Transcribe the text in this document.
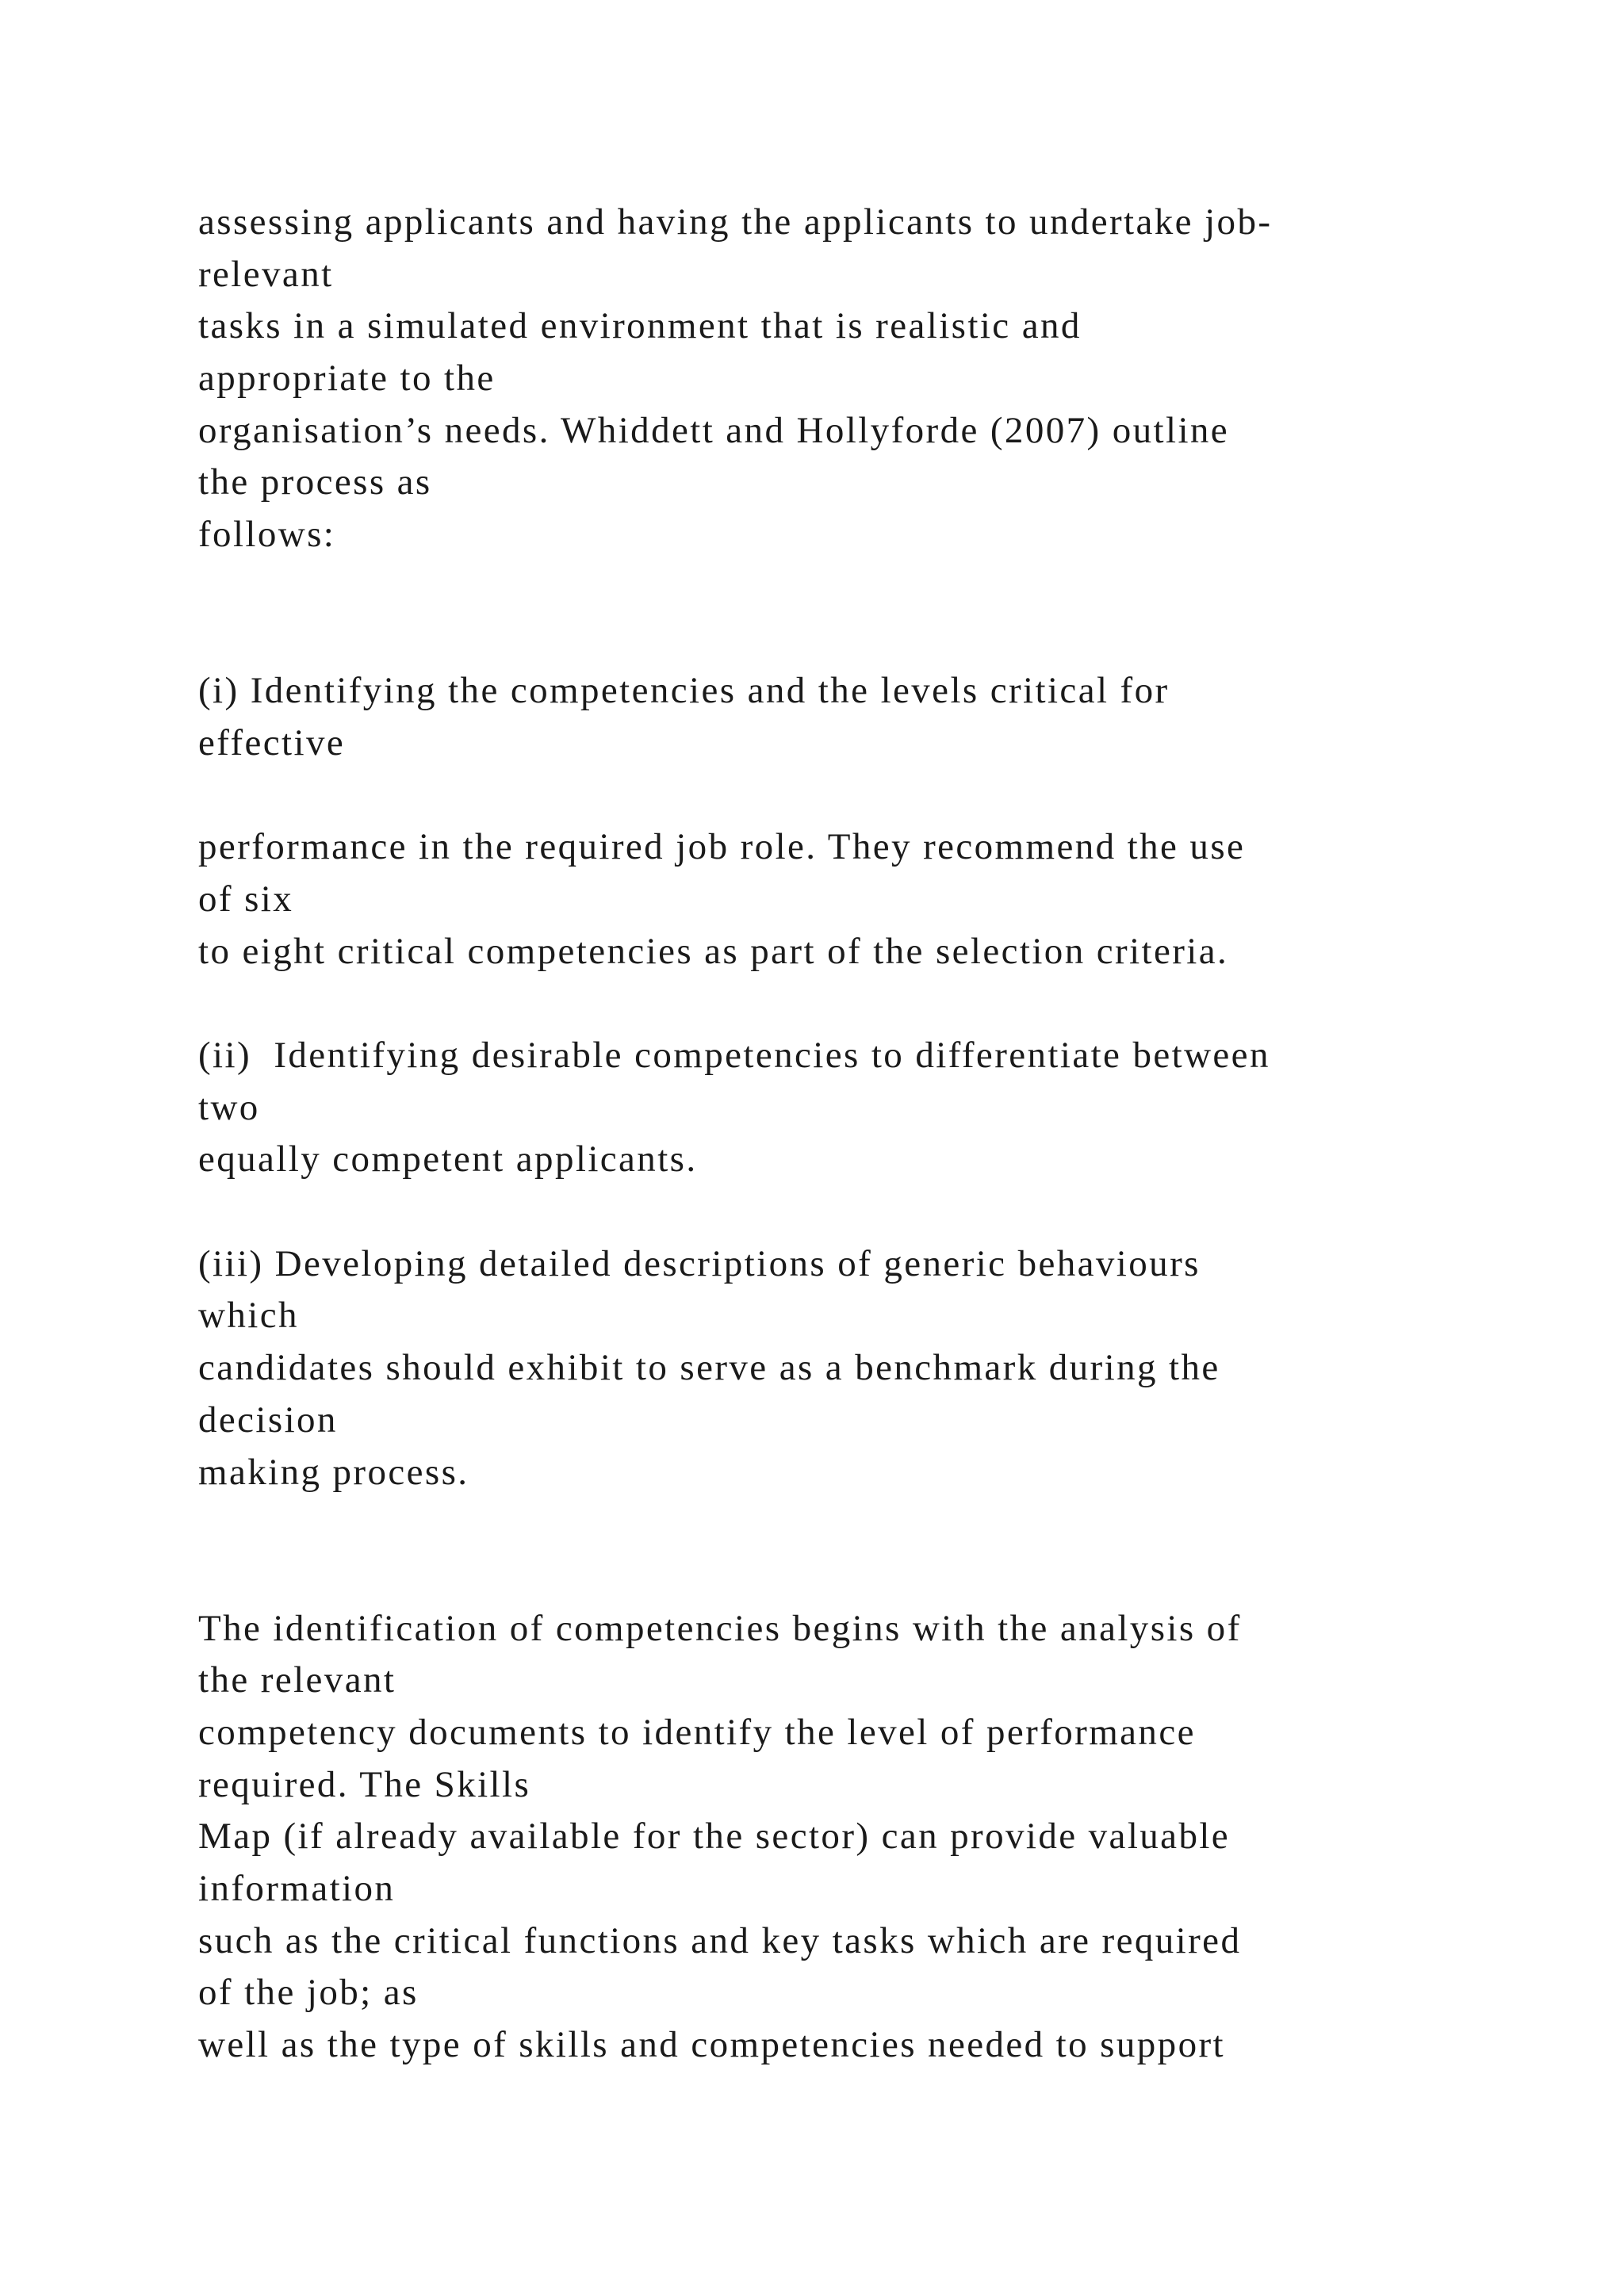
assessing applicants and having the applicants to undertake job-
relevant
tasks in a simulated environment that is realistic and
appropriate to the
organisation’s needs. Whiddett and Hollyforde (2007) outline
the process as
follows:
(i) Identifying the competencies and the levels critical for
effective
performance in the required job role. They recommend the use
of six
to eight critical competencies as part of the selection criteria.
(ii)  Identifying desirable competencies to differentiate between
two
equally competent applicants.
(iii) Developing detailed descriptions of generic behaviours
which
candidates should exhibit to serve as a benchmark during the
decision
making process.
The identification of competencies begins with the analysis of
the relevant
competency documents to identify the level of performance
required. The Skills
Map (if already available for the sector) can provide valuable
information
such as the critical functions and key tasks which are required
of the job; as
well as the type of skills and competencies needed to support
